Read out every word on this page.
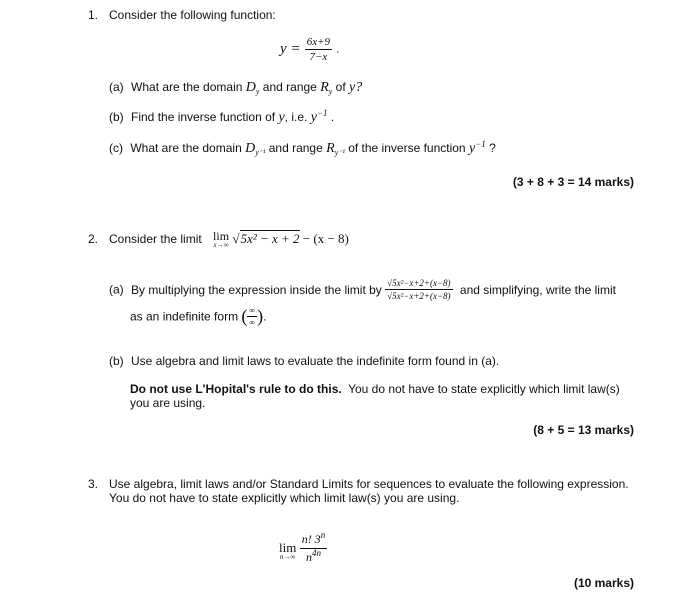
1. Consider the following function:
$y = \frac{6x+9}{7-x}$ .
(a) What are the domain $D_y$ and range $R_y$ of y?
(b) Find the inverse function of y, i.e. $y^{-1}$ .
(c) What are the domain $D_{y^{-1}}$ and range $R_{y^{-1}}$ of the inverse function $y^{-1}$ ?
(3 + 8 + 3 = 14 marks)
2. Consider the limit lim
x→∞ √5x² − x + 2 − (x − 8)
(a) By multiplying the expression inside the limit by $\frac{\text{√5x²−x+2+(x−8)}}{\text{√5x²−x+2+(x−8)}}$ and simplifying, write the limit
as an indefinite form ( $\frac{\infty}{\infty}$ ).
(b) Use algebra and limit laws to evaluate the indefinite form found in (a).
Do not use L'Hopital's rule to do this. You do not have to state explicitly which limit law(s)
you are using.
(8 + 5 = 13 marks)
3. Use algebra, limit laws and/or Standard Limits for sequences to evaluate the following expression.
You do not have to state explicitly which limit law(s) you are using.
lim
n→∞
$\frac{n! 3^n}{n^{4n}}$
(10 marks)
